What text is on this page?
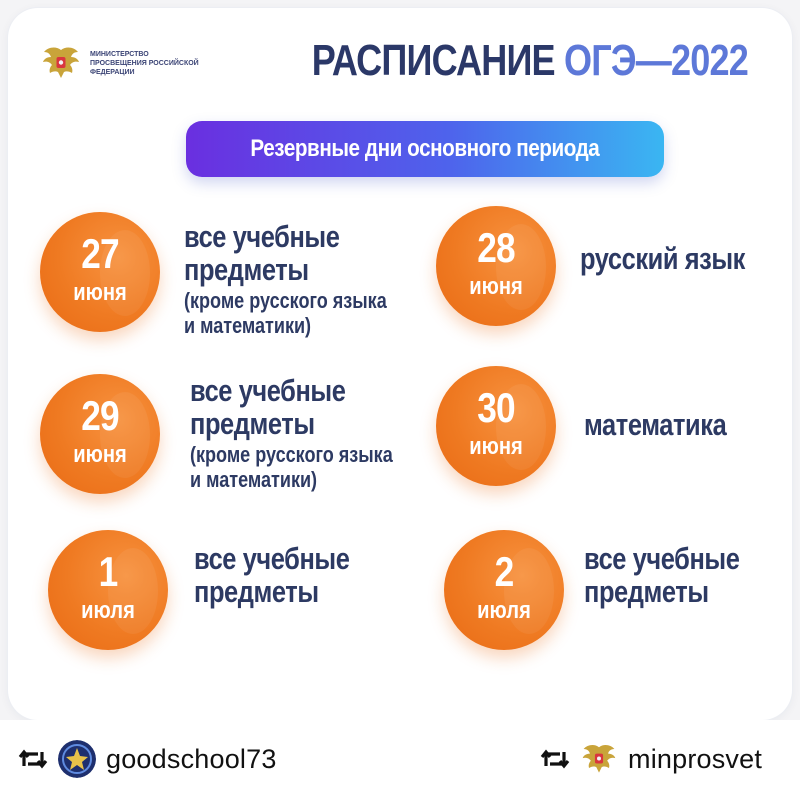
МИНИСТЕРСТВО ПРОСВЕЩЕНИЯ РОССИЙСКОЙ ФЕДЕРАЦИИ	РАСПИСАНИЕ ОГЭ—2022
Резервные дни основного периода
27
июня
все учебные
предметы
(кроме русского языка
и математики)
28
июня
русский язык
29
июня
все учебные
предметы
(кроме русского языка
и математики)
30
июня
математика
1
июля
все учебные
предметы	2
июля
все учебные
предметы
goodschool73	minprosvet
